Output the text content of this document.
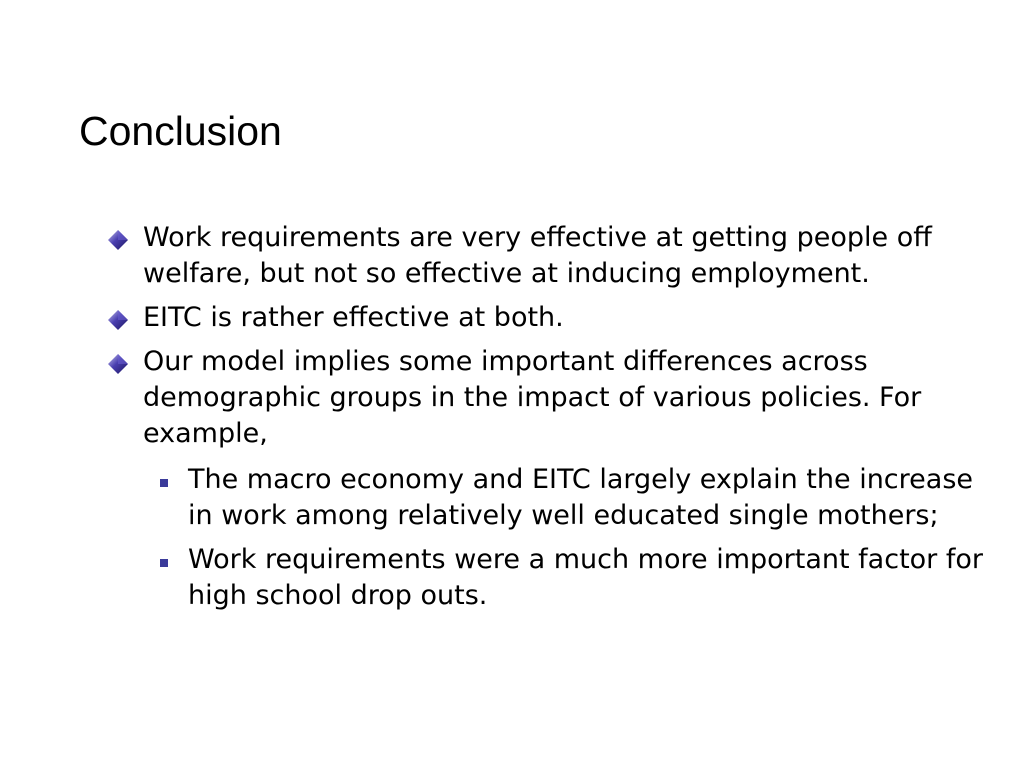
Conclusion
Work requirements are very effective at getting people off welfare, but not so effective at inducing employment.
EITC is rather effective at both.
Our model implies some important differences across demographic groups in the impact of various policies. For example,
The macro economy and EITC largely explain the increase in work among relatively well educated single mothers;
Work requirements were a much more important factor for high school drop outs.
